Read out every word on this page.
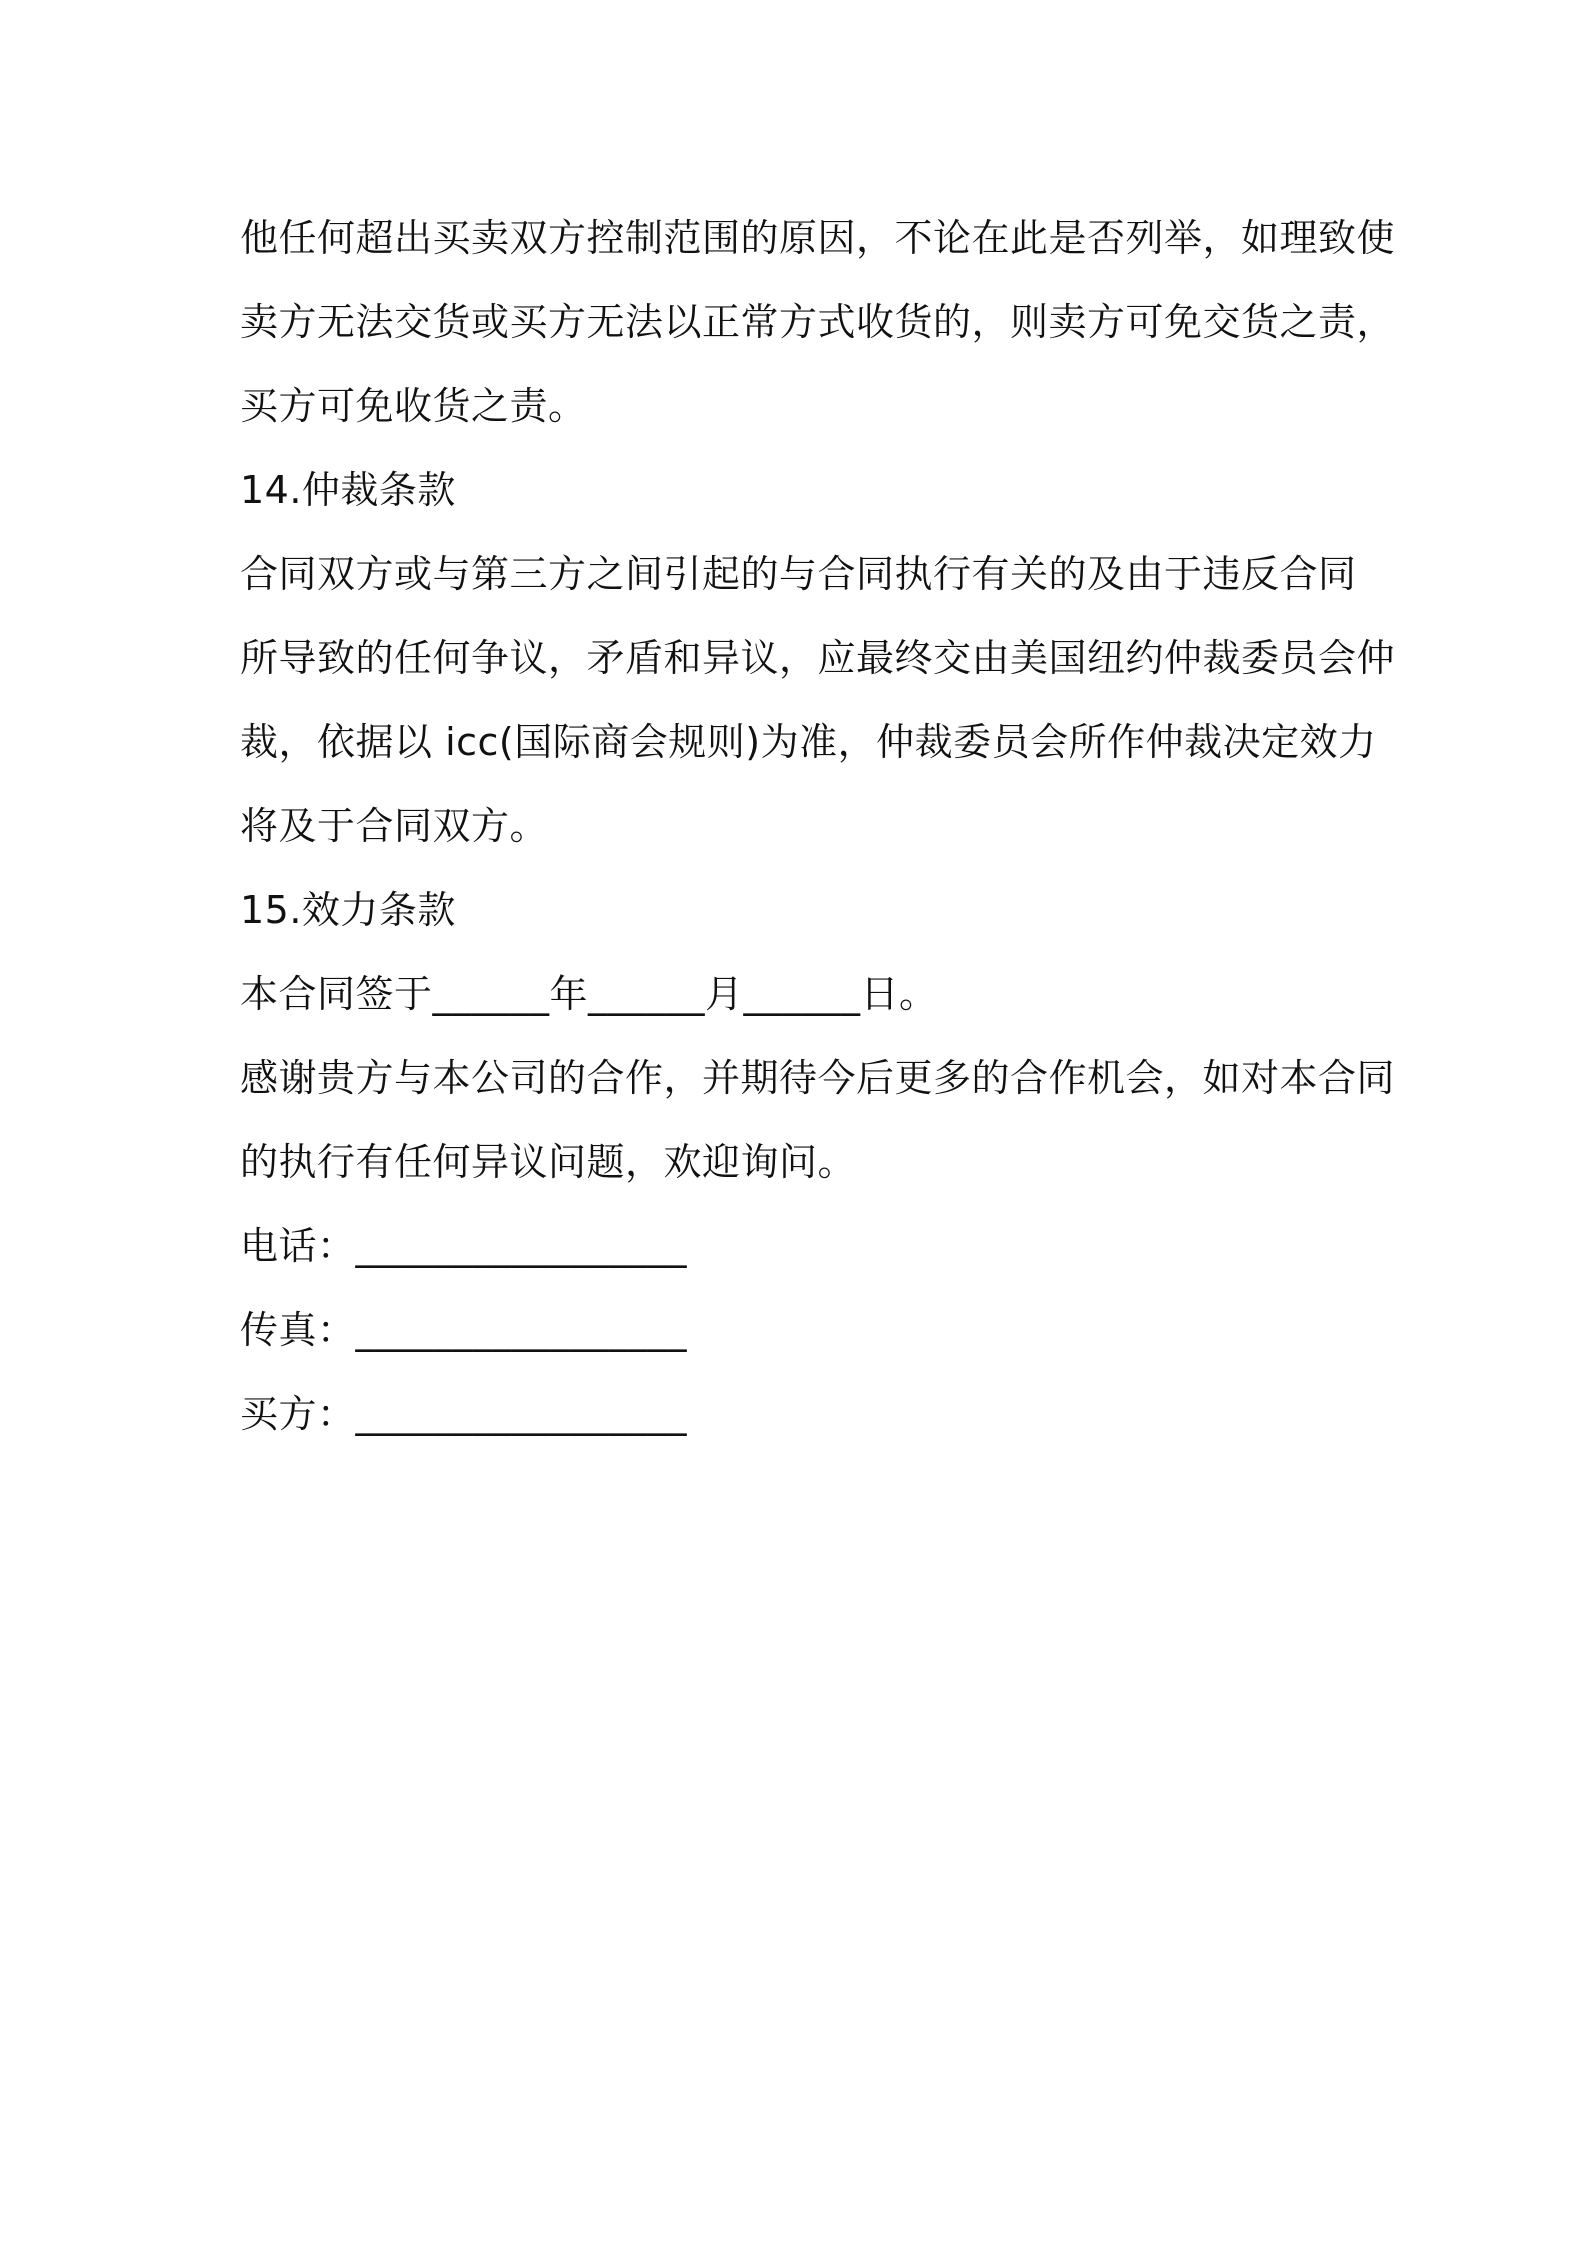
他任何超出买卖双方控制范围的原因，不论在此是否列举，如理致使
卖方无法交货或买方无法以正常方式收货的，则卖方可免交货之责，
买方可免收货之责。
14.仲裁条款
合同双方或与第三方之间引起的与合同执行有关的及由于违反合同
所导致的任何争议，矛盾和异议，应最终交由美国纽约仲裁委员会仲
裁，依据以 icc(国际商会规则)为准，仲裁委员会所作仲裁决定效力
将及于合同双方。
15.效力条款
本合同签于______年______月______日。
感谢贵方与本公司的合作，并期待今后更多的合作机会，如对本合同
的执行有任何异议问题，欢迎询问。
电话：_________________
传真：_________________
买方：_________________
